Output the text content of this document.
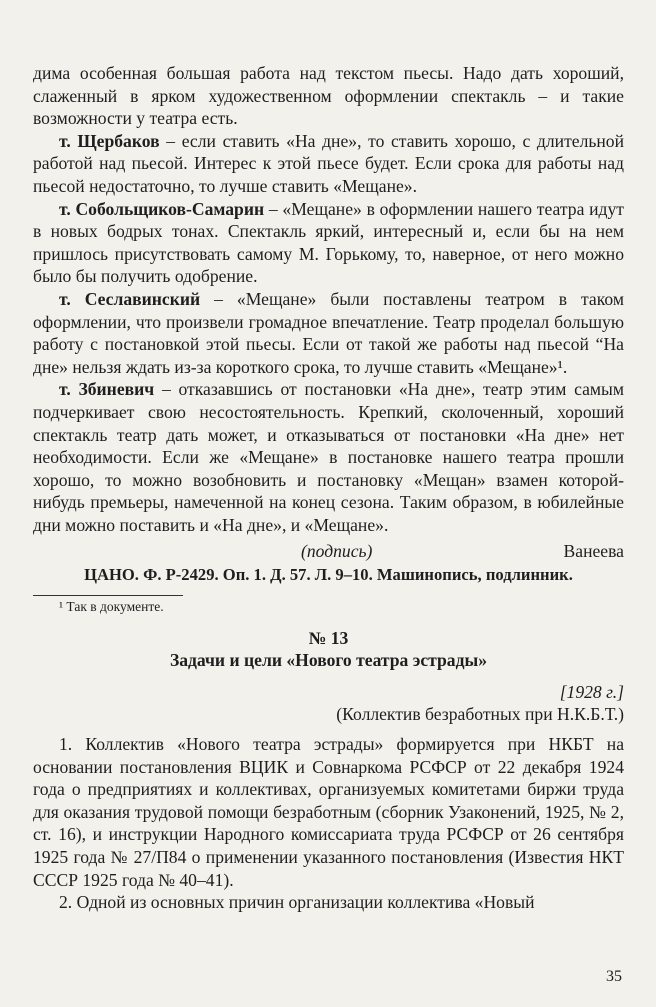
дима особенная большая работа над текстом пьесы. Надо дать хороший, слаженный в ярком художественном оформлении спектакль – и такие возможности у театра есть.

т. Щербаков – если ставить «На дне», то ставить хорошо, с длительной работой над пьесой. Интерес к этой пьесе будет. Если срока для работы над пьесой недостаточно, то лучше ставить «Мещане».

т. Собольщиков-Самарин – «Мещане» в оформлении нашего театра идут в новых бодрых тонах. Спектакль яркий, интересный и, если бы на нем пришлось присутствовать самому М. Горькому, то, наверное, от него можно было бы получить одобрение.

т. Сеславинский – «Мещане» были поставлены театром в таком оформлении, что произвели громадное впечатление. Театр проделал большую работу с постановкой этой пьесы. Если от такой же работы над пьесой “На дне» нельзя ждать из-за короткого срока, то лучше ставить «Мещане»¹.

т. Збиневич – отказавшись от постановки «На дне», театр этим самым подчеркивает свою несостоятельность. Крепкий, сколоченный, хороший спектакль театр дать может, и отказываться от постановки «На дне» нет необходимости. Если же «Мещане» в постановке нашего театра прошли хорошо, то можно возобновить и постановку «Мещан» взамен которой-нибудь премьеры, намеченной на конец сезона. Таким образом, в юбилейные дни можно поставить и «На дне», и «Мещане».

(подпись)	Ванеева
ЦАНО. Ф. Р-2429. Оп. 1. Д. 57. Л. 9–10. Машинопись, подлинник.
¹ Так в документе.
№ 13
Задачи и цели «Нового театра эстрады»
[1928 г.]
(Коллектив безработных при Н.К.Б.Т.)

1. Коллектив «Нового театра эстрады» формируется при НКБТ на основании постановления ВЦИК и Совнаркома РСФСР от 22 декабря 1924 года о предприятиях и коллективах, организуемых комитетами биржи труда для оказания трудовой помощи безработным (сборник Узаконений, 1925, № 2, ст. 16), и инструкции Народного комиссариата труда РСФСР от 26 сентября 1925 года № 27/П84 о применении указанного постановления (Известия НКТ СССР 1925 года № 40–41).

2. Одной из основных причин организации коллектива «Новый

35
